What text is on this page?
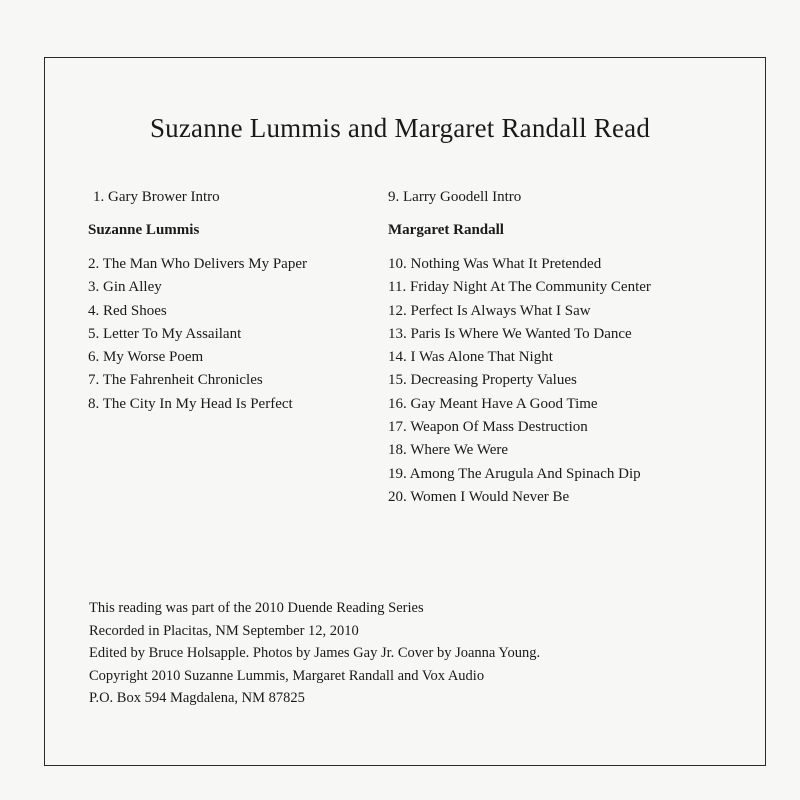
Suzanne Lummis and Margaret Randall Read
1. Gary Brower Intro
Suzanne Lummis
2. The Man Who Delivers My Paper
3. Gin Alley
4. Red Shoes
5. Letter To My Assailant
6. My Worse Poem
7. The Fahrenheit Chronicles
8. The City In My Head Is Perfect
9. Larry Goodell Intro
Margaret Randall
10. Nothing Was What It Pretended
11. Friday Night At The Community Center
12. Perfect Is Always What I Saw
13. Paris Is Where We Wanted To Dance
14. I Was Alone That Night
15. Decreasing Property Values
16. Gay Meant Have A Good Time
17. Weapon Of Mass Destruction
18. Where We Were
19. Among The Arugula And Spinach Dip
20. Women I Would Never Be
This reading was part of the 2010 Duende Reading Series
Recorded in Placitas, NM September 12, 2010
Edited by Bruce Holsapple. Photos by James Gay Jr. Cover by Joanna Young.
Copyright 2010 Suzanne Lummis, Margaret Randall and Vox Audio
P.O. Box 594 Magdalena, NM 87825
